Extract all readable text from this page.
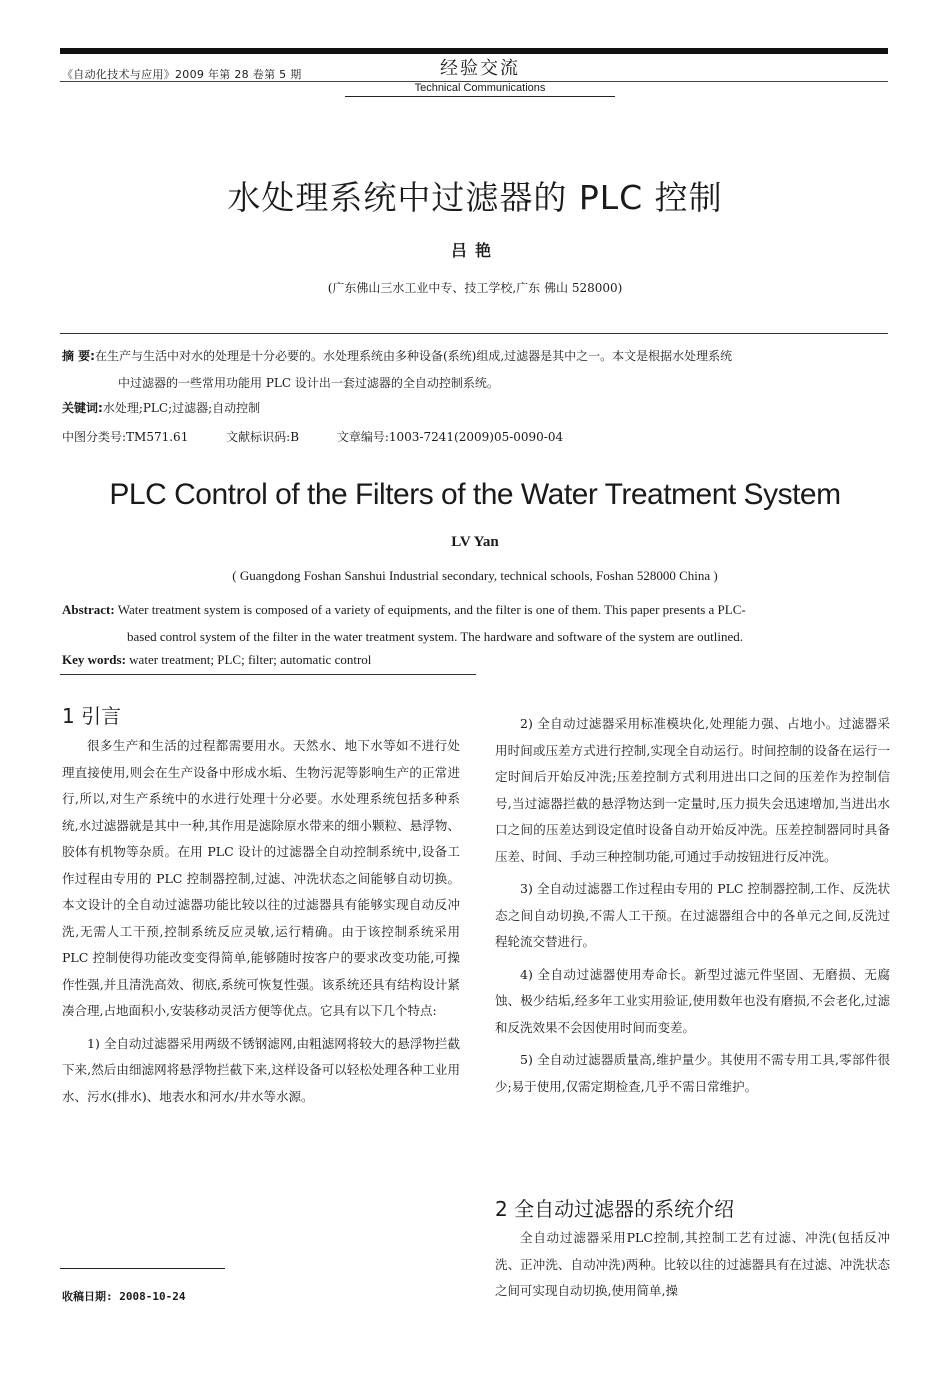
《自动化技术与应用》2009 年第 28 卷第 5 期	经验交流
Technical Communications
水处理系统中过滤器的 PLC 控制
吕艳
(广东佛山三水工业中专、技工学校,广东 佛山 528000)
摘 要:在生产与生活中对水的处理是十分必要的。水处理系统由多种设备(系统)组成,过滤器是其中之一。本文是根据水处理系统
中过滤器的一些常用功能用 PLC 设计出一套过滤器的全自动控制系统。
关键词:水处理;PLC;过滤器;自动控制
中图分类号:TM571.61	文献标识码:B	文章编号:1003-7241(2009)05-0090-04
PLC Control of the Filters of the Water Treatment System
LV Yan
( Guangdong Foshan Sanshui Industrial secondary, technical schools, Foshan 528000 China )
Abstract: Water treatment system is composed of a variety of equipments, and the filter is one of them. This paper presents a PLC-
based control system of the filter in the water treatment system. The hardware and software of the system are outlined.
Key words: water treatment; PLC; filter; automatic control
1 引言

很多生产和生活的过程都需要用水。天然水、地下水等如不进行处理直接使用,则会在生产设备中形成水垢、生物污泥等影响生产的正常进行,所以,对生产系统中的水进行处理十分必要。水处理系统包括多种系统,水过滤器就是其中一种,其作用是滤除原水带来的细小颗粒、悬浮物、胶体有机物等杂质。在用 PLC 设计的过滤器全自动控制系统中,设备工作过程由专用的 PLC 控制器控制,过滤、冲洗状态之间能够自动切换。本文设计的全自动过滤器功能比较以往的过滤器具有能够实现自动反冲洗,无需人工干预,控制系统反应灵敏,运行精确。由于该控制系统采用 PLC 控制使得功能改变变得简单,能够随时按客户的要求改变功能,可操作性强,并且清洗高效、彻底,系统可恢复性强。该系统还具有结构设计紧凑合理,占地面积小,安装移动灵活方便等优点。它具有以下几个特点:

1) 全自动过滤器采用两级不锈钢滤网,由粗滤网将较大的悬浮物拦截下来,然后由细滤网将悬浮物拦截下来,这样设备可以轻松处理各种工业用水、污水(排水)、地表水和河水/井水等水源。

2) 全自动过滤器采用标准模块化,处理能力强、占地小。过滤器采用时间或压差方式进行控制,实现全自动运行。时间控制的设备在运行一定时间后开始反冲洗;压差控制方式利用进出口之间的压差作为控制信号,当过滤器拦截的悬浮物达到一定量时,压力损失会迅速增加,当进出水口之间的压差达到设定值时设备自动开始反冲洗。压差控制器同时具备压差、时间、手动三种控制功能,可通过手动按钮进行反冲洗。

3) 全自动过滤器工作过程由专用的 PLC 控制器控制,工作、反洗状态之间自动切换,不需人工干预。在过滤器组合中的各单元之间,反洗过程轮流交替进行。

4) 全自动过滤器使用寿命长。新型过滤元件坚固、无磨损、无腐蚀、极少结垢,经多年工业实用验证,使用数年也没有磨损,不会老化,过滤和反洗效果不会因使用时间而变差。

5) 全自动过滤器质量高,维护量少。其使用不需专用工具,零部件很少;易于使用,仅需定期检查,几乎不需日常维护。

2 全自动过滤器的系统介绍

全自动过滤器采用PLC控制,其控制工艺有过滤、冲洗(包括反冲洗、正冲洗、自动冲洗)两种。比较以往的过滤器具有在过滤、冲洗状态之间可实现自动切换,使用简单,操

收稿日期: 2008-10-24
